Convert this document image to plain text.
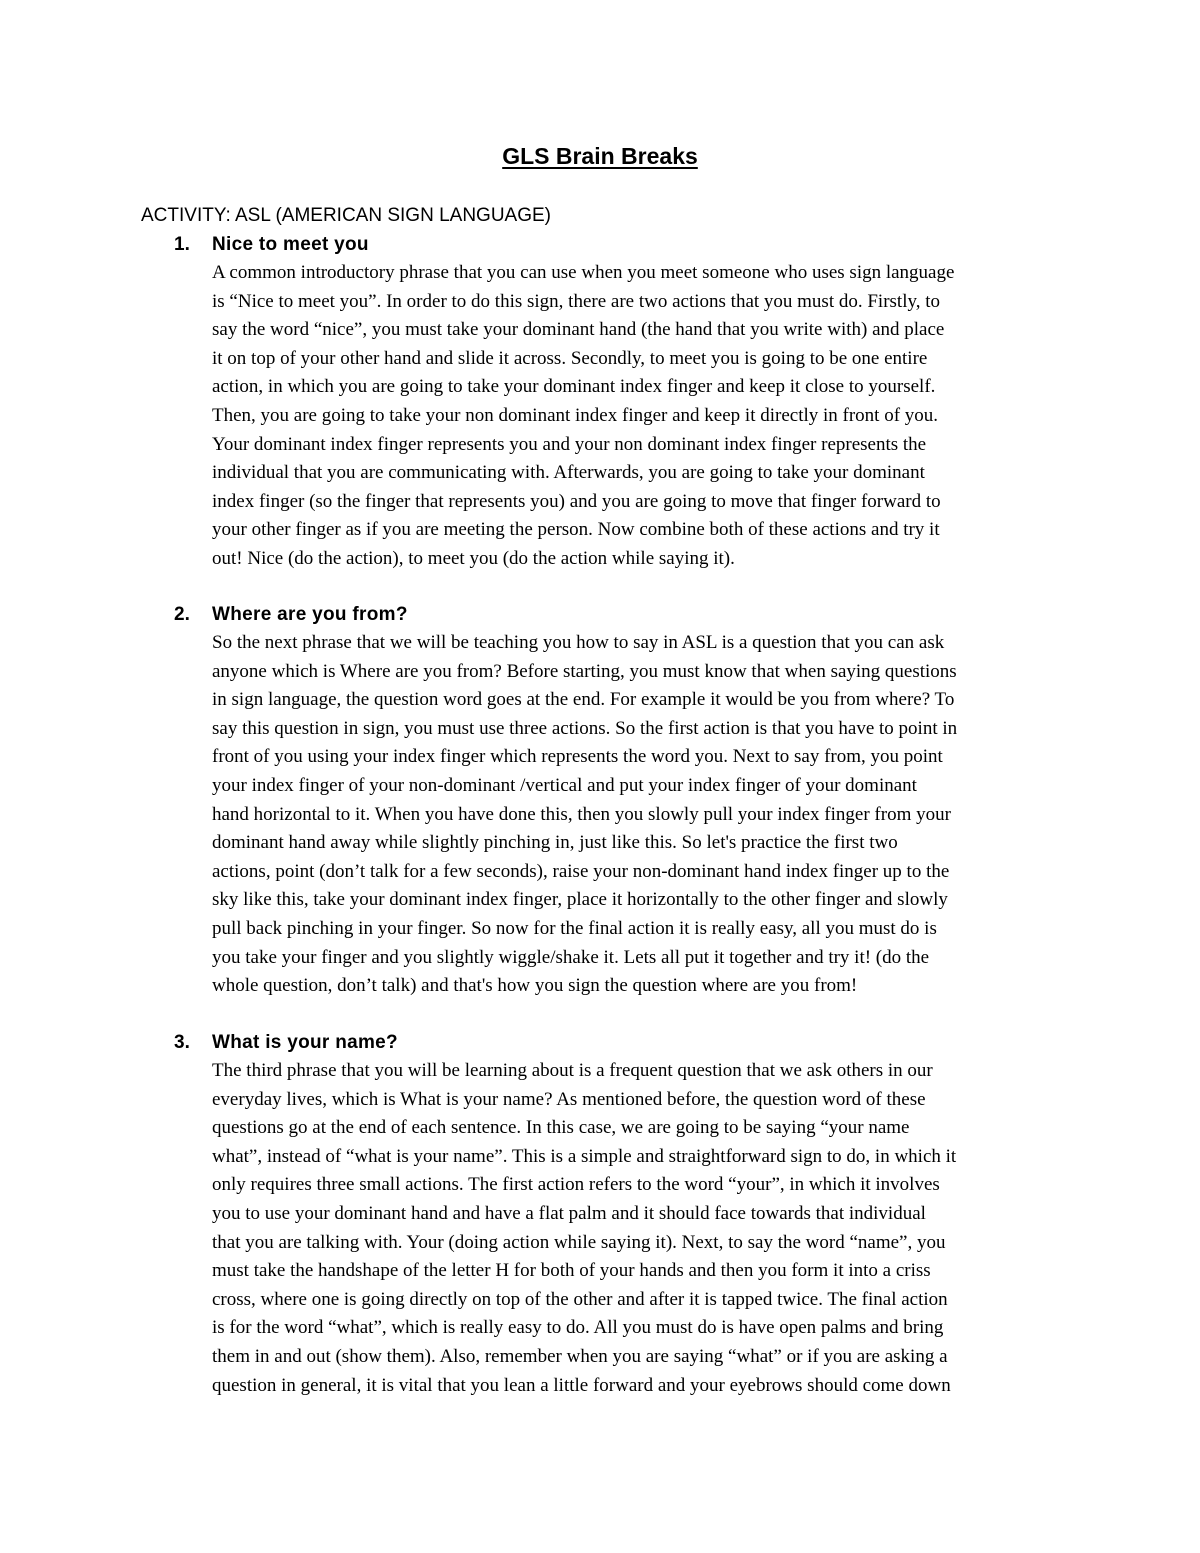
GLS Brain Breaks
ACTIVITY: ASL (AMERICAN SIGN LANGUAGE)
1. Nice to meet you
A common introductory phrase that you can use when you meet someone who uses sign language
is “Nice to meet you”. In order to do this sign, there are two actions that you must do. Firstly, to
say the word “nice”, you must take your dominant hand (the hand that you write with) and place
it on top of your other hand and slide it across. Secondly, to meet you is going to be one entire
action, in which you are going to take your dominant index finger and keep it close to yourself.
Then, you are going to take your non dominant index finger and keep it directly in front of you.
Your dominant index finger represents you and your non dominant index finger represents the
individual that you are communicating with. Afterwards, you are going to take your dominant
index finger (so the finger that represents you) and you are going to move that finger forward to
your other finger as if you are meeting the person. Now combine both of these actions and try it
out! Nice (do the action), to meet you (do the action while saying it).
2. Where are you from?
So the next phrase that we will be teaching you how to say in ASL is a question that you can ask
anyone which is Where are you from? Before starting, you must know that when saying questions
in sign language, the question word goes at the end. For example it would be you from where? To
say this question in sign, you must use three actions. So the first action is that you have to point in
front of you using your index finger which represents the word you. Next to say from, you point
your index finger of your non-dominant /vertical and put your index finger of your dominant
hand horizontal to it. When you have done this, then you slowly pull your index finger from your
dominant hand away while slightly pinching in, just like this. So let's practice the first two
actions, point (don’t talk for a few seconds), raise your non-dominant hand index finger up to the
sky like this, take your dominant index finger, place it horizontally to the other finger and slowly
pull back pinching in your finger. So now for the final action it is really easy, all you must do is
you take your finger and you slightly wiggle/shake it. Lets all put it together and try it! (do the
whole question, don’t talk) and that's how you sign the question where are you from!
3. What is your name?
The third phrase that you will be learning about is a frequent question that we ask others in our
everyday lives, which is What is your name? As mentioned before, the question word of these
questions go at the end of each sentence. In this case, we are going to be saying “your name
what”, instead of “what is your name”. This is a simple and straightforward sign to do, in which it
only requires three small actions. The first action refers to the word “your”, in which it involves
you to use your dominant hand and have a flat palm and it should face towards that individual
that you are talking with. Your (doing action while saying it). Next, to say the word “name”, you
must take the handshape of the letter H for both of your hands and then you form it into a criss
cross, where one is going directly on top of the other and after it is tapped twice. The final action
is for the word “what”, which is really easy to do. All you must do is have open palms and bring
them in and out (show them). Also, remember when you are saying “what” or if you are asking a
question in general, it is vital that you lean a little forward and your eyebrows should come down
